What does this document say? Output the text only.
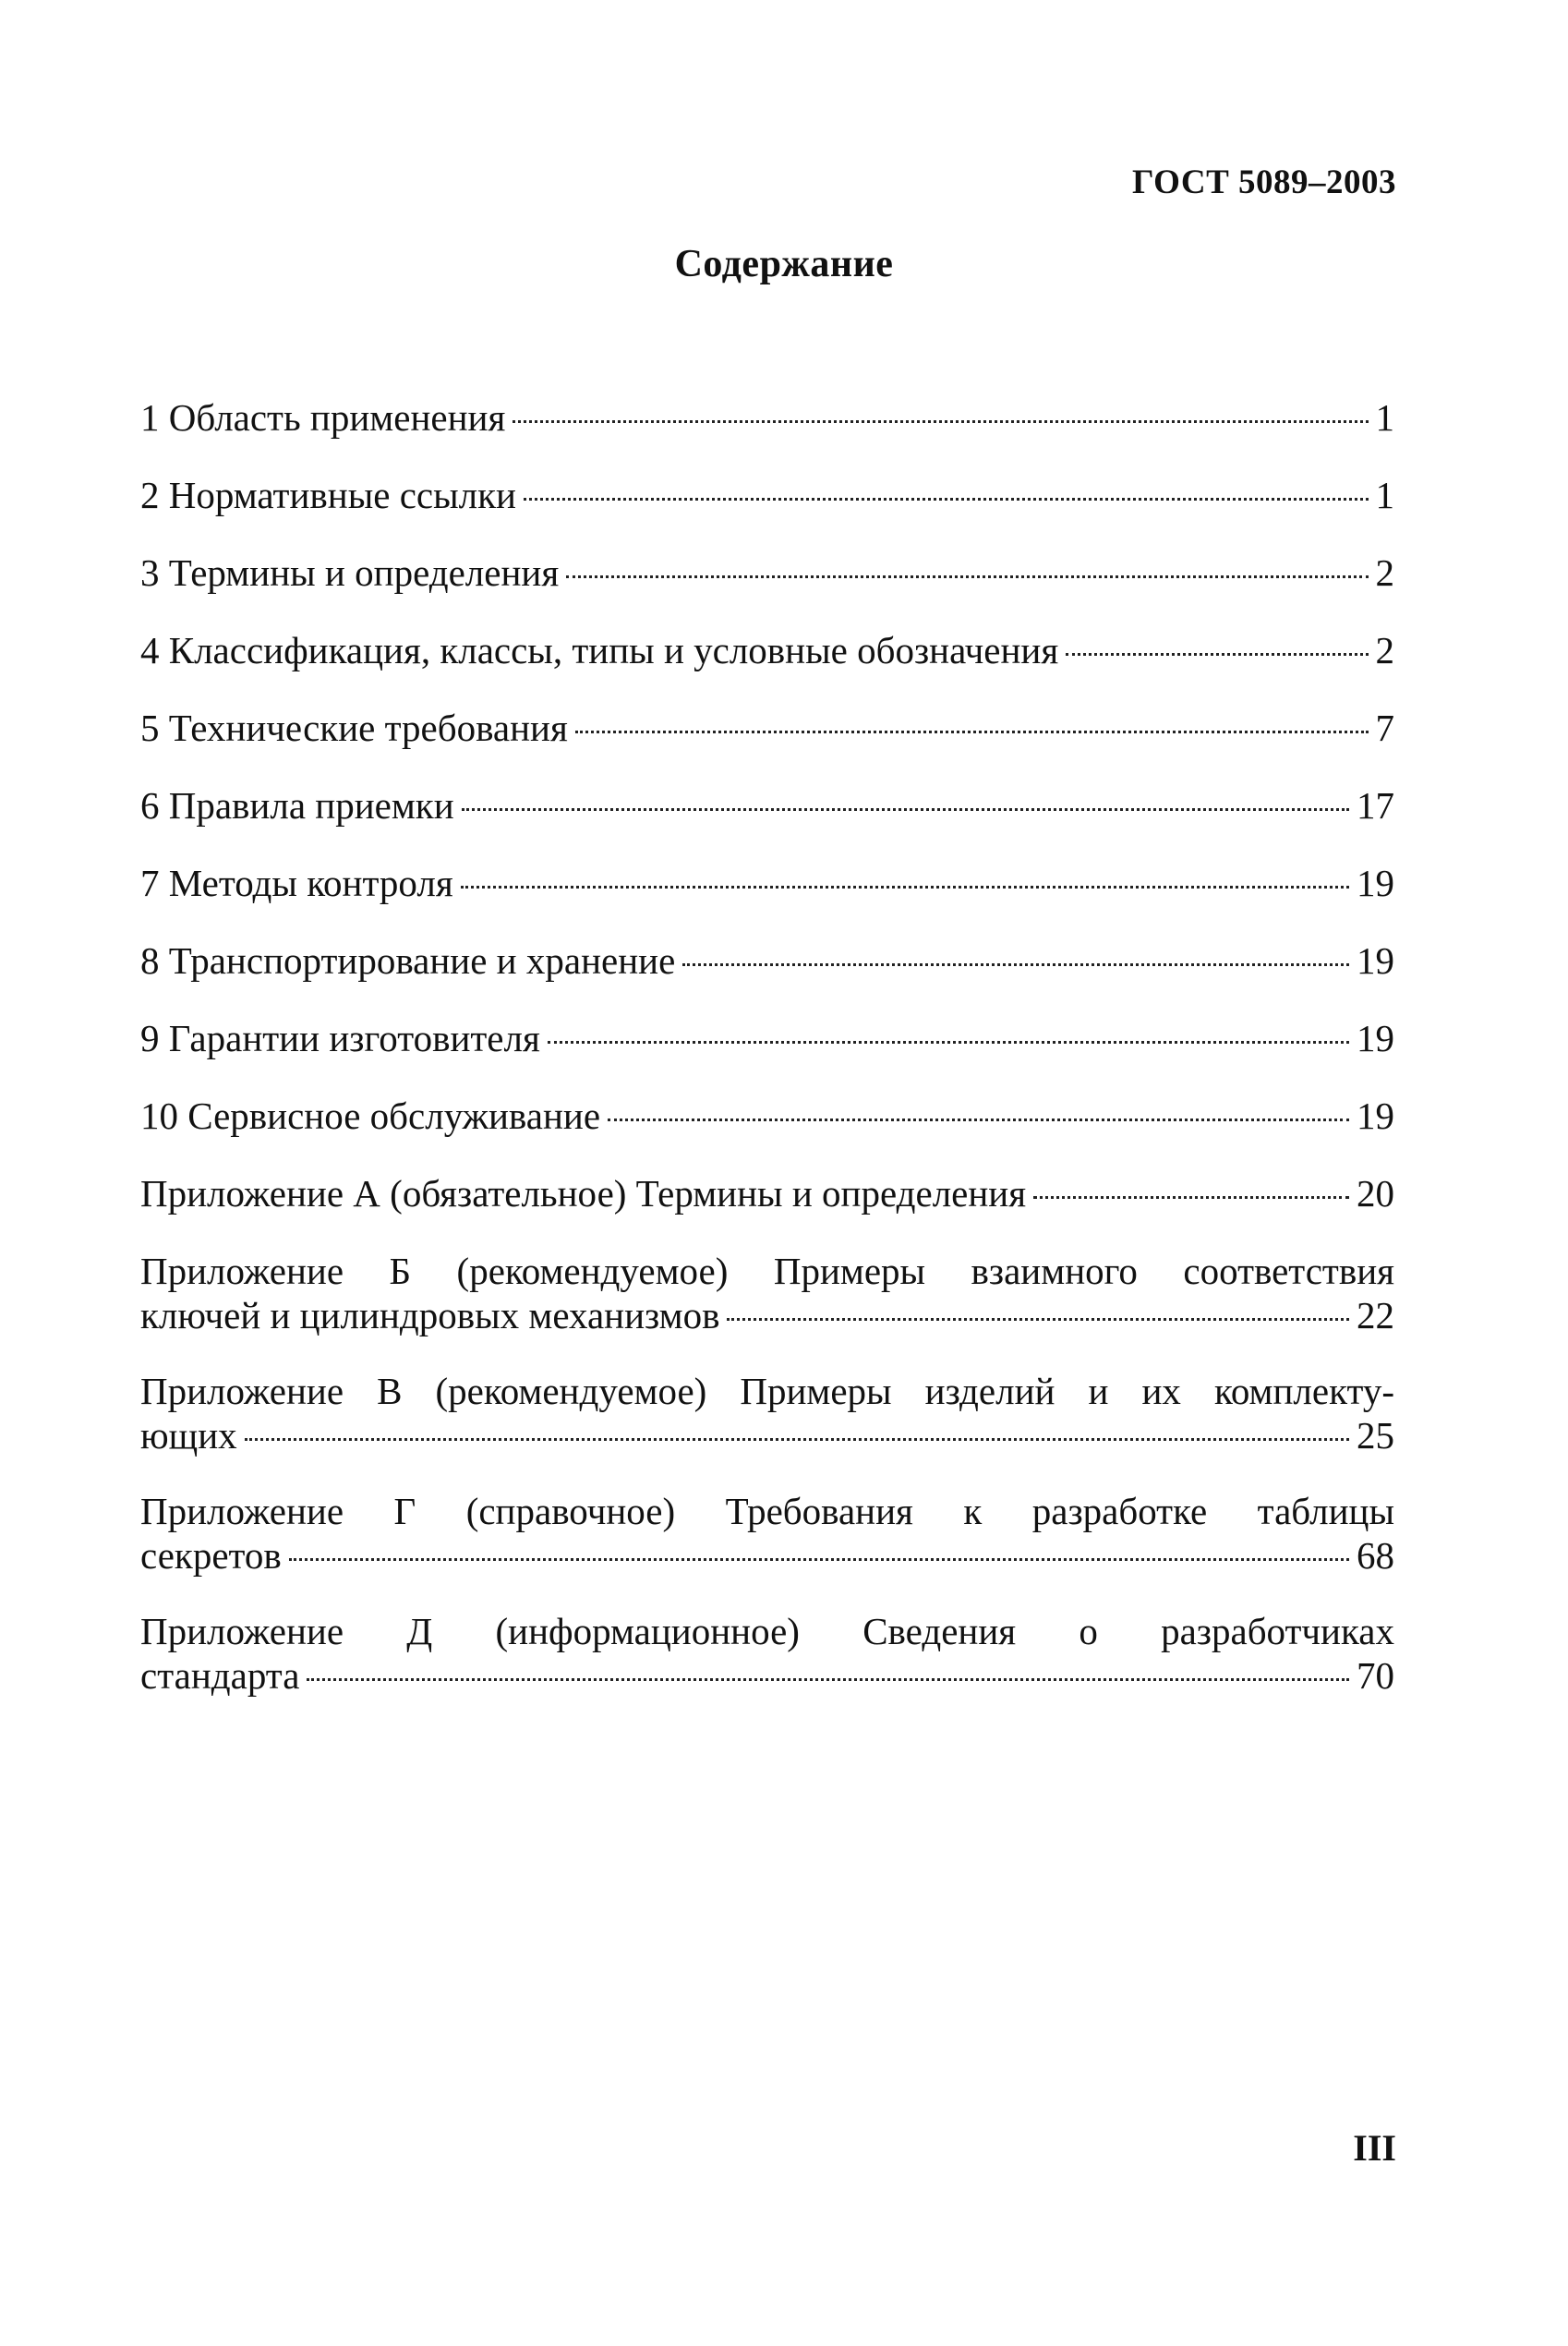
ГОСТ 5089–2003
Содержание
1 Область применения	1
2 Нормативные ссылки	1
3 Термины и определения	2
4 Классификация, классы, типы и условные обозначения	2
5 Технические требования	7
6 Правила приемки	17
7 Методы контроля	19
8 Транспортирование и хранение	19
9 Гарантии изготовителя	19
10 Сервисное обслуживание	19
Приложение А (обязательное) Термины и определения	20
Приложение Б (рекомендуемое) Примеры взаимного соответствия
ключей и цилиндровых механизмов	22
Приложение В (рекомендуемое) Примеры изделий и их комплекту-
ющих	25
Приложение Г (справочное) Требования к разработке таблицы
секретов	68
Приложение Д (информационное) Сведения о разработчиках
стандарта	70
III
